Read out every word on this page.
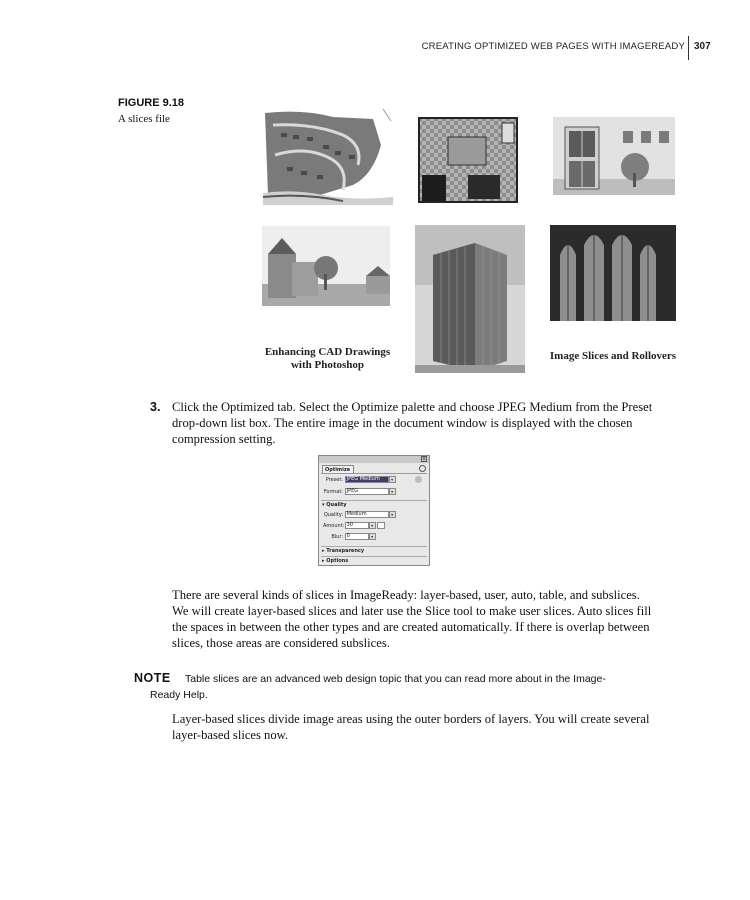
CREATING OPTIMIZED WEB PAGES WITH IMAGEREADY 307
FIGURE 9.18
A slices file
Enhancing CAD Drawings
with Photoshop
Image Slices and Rollovers
3. Click the Optimized tab. Select the Optimize palette and choose JPEG Medium from the Preset
drop-down list box. The entire image in the document window is displayed with the chosen
compression setting.
x
Optimize
Preset: JPEG Medium	▾
Format: JPEG	▾
▾ Quality
Quality: Medium	▾
Amount: 30	▾
Blur: 0	▾
▸ Transparency
▸ Options
There are several kinds of slices in ImageReady: layer-based, user, auto, table, and subslices.
We will create layer-based slices and later use the Slice tool to make user slices. Auto slices fill
the spaces in between the other types and are created automatically. If there is overlap between
slices, those areas are considered subslices.
NOTE Table slices are an advanced web design topic that you can read more about in the Image-
Ready Help.
Layer-based slices divide image areas using the outer borders of layers. You will create several
layer-based slices now.
